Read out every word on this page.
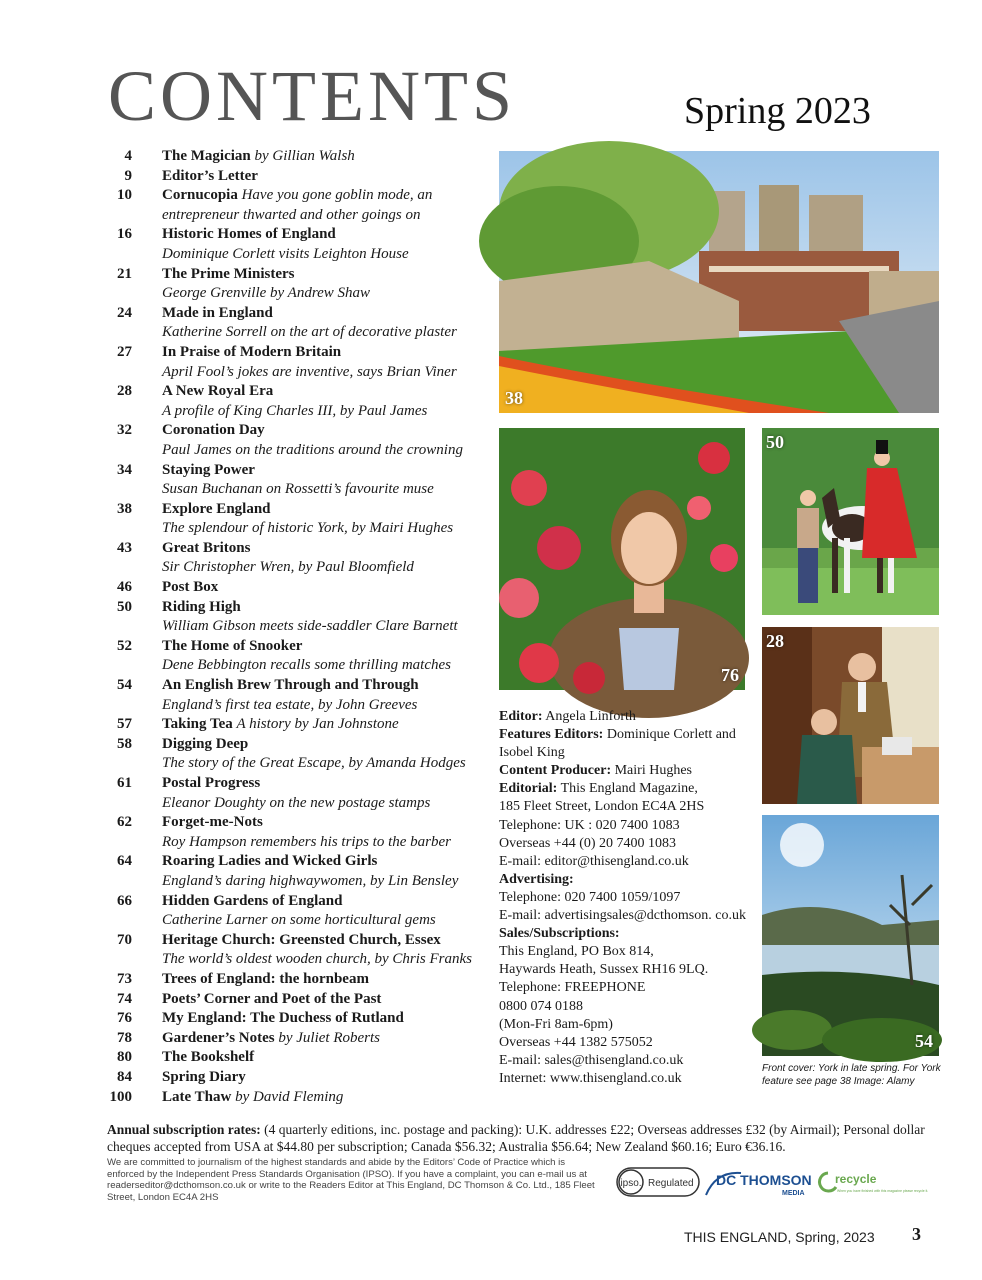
CONTENTS	Spring 2023
4	The Magician by Gillian Walsh
9	Editor’s Letter
10	Cornucopia Have you gone goblin mode, an
entrepreneur thwarted and other goings on
16	Historic Homes of England
Dominique Corlett visits Leighton House
21	The Prime Ministers
George Grenville by Andrew Shaw
24	Made in England
Katherine Sorrell on the art of decorative plaster
27	In Praise of Modern Britain
April Fool’s jokes are inventive, says Brian Viner
28	A New Royal Era
A profile of King Charles III, by Paul James
32	Coronation Day
Paul James on the traditions around the crowning
34	Staying Power
Susan Buchanan on Rossetti’s favourite muse
38	Explore England
The splendour of historic York, by Mairi Hughes
43	Great Britons
Sir Christopher Wren, by Paul Bloomfield
46	Post Box
50	Riding High
William Gibson meets side-saddler Clare Barnett
52	The Home of Snooker
Dene Bebbington recalls some thrilling matches
54	An English Brew Through and Through
England’s first tea estate, by John Greeves
57	Taking Tea A history by Jan Johnstone
58	Digging Deep
The story of the Great Escape, by Amanda Hodges
61	Postal Progress
Eleanor Doughty on the new postage stamps
62	Forget-me-Nots
Roy Hampson remembers his trips to the barber
64	Roaring Ladies and Wicked Girls
England’s daring highwaywomen, by Lin Bensley
66	Hidden Gardens of England
Catherine Larner on some horticultural gems
70	Heritage Church: Greensted Church, Essex
The world’s oldest wooden church, by Chris Franks
73	Trees of England: the hornbeam
74	Poets’ Corner and Poet of the Past
76	My England: The Duchess of Rutland
78	Gardener’s Notes by Juliet Roberts
80	The Bookshelf
84	Spring Diary
100	Late Thaw by David Fleming
38
76
50
28
54

Editor: Angela Linforth

Features Editors: Dominique Corlett and Isobel King

Content Producer: Mairi Hughes

Editorial: This England Magazine,

185 Fleet Street, London EC4A 2HS

Telephone: UK : 020 7400 1083

Overseas +44 (0) 20 7400 1083

E-mail: editor@thisengland.co.uk

Advertising:

Telephone: 020 7400 1059/1097

E-mail: advertisingsales@dcthomson. co.uk

Sales/Subscriptions:

This England, PO Box 814,

Haywards Heath, Sussex RH16 9LQ.

Telephone: FREEPHONE

0800 074 0188

(Mon-Fri 8am-6pm)

Overseas +44 1382 575052

E-mail: sales@thisengland.co.uk

Internet: www.thisengland.co.uk

Front cover: York in late spring. For York feature see page 38 Image: Alamy
Annual subscription rates: (4 quarterly editions, inc. postage and packing): U.K. addresses £22; Overseas addresses £32 (by Airmail); Personal dollar cheques accepted from USA at $44.80 per subscription; Canada $56.32; Australia $56.64; New Zealand $60.16; Euro €36.16.
We are committed to journalism of the highest standards and abide by the Editors’ Code of Practice which is enforced by the Independent Press Standards Organisation (IPSO). If you have a complaint, you can e-mail us at readerseditor@dcthomson.co.uk or write to the Readers Editor at This England, DC Thomson & Co. Ltd., 185 Fleet Street, London EC4A 2HS
ipso. Regulated DC THOMSON
MEDIA
recycle
When you have finished with this magazine please recycle it.
THIS ENGLAND, Spring, 2023 3
